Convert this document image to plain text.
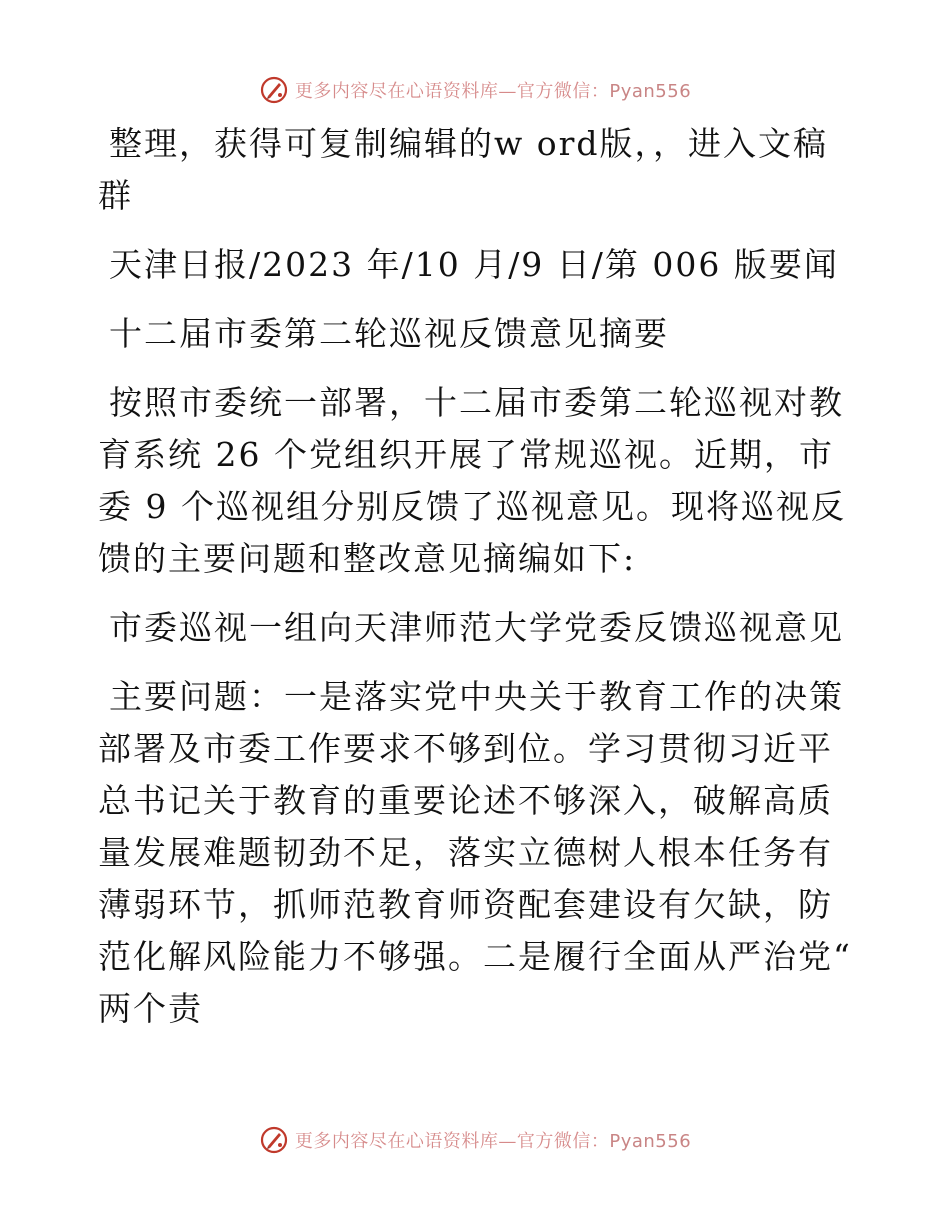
更多内容尽在心语资料库—官方微信：Pyan556

整理，获得可复制编辑的w ord版，，进入文稿群

天津日报/2023 年/10 月/9 日/第 006 版要闻

十二届市委第二轮巡视反馈意见摘要

按照市委统一部署，十二届市委第二轮巡视对教育系统 26 个党组织开展了常规巡视。近期，市委 9 个巡视组分别反馈了巡视意见。现将巡视反馈的主要问题和整改意见摘编如下:

市委巡视一组向天津师范大学党委反馈巡视意见

主要问题：一是落实党中央关于教育工作的决策部署及市委工作要求不够到位。学习贯彻习近平总书记关于教育的重要论述不够深入，破解高质量发展难题韧劲不足，落实立德树人根本任务有薄弱环节，抓师范教育师资配套建设有欠缺，防范化解风险能力不够强。二是履行全面从严治党“ 两个责

更多内容尽在心语资料库—官方微信：Pyan556
